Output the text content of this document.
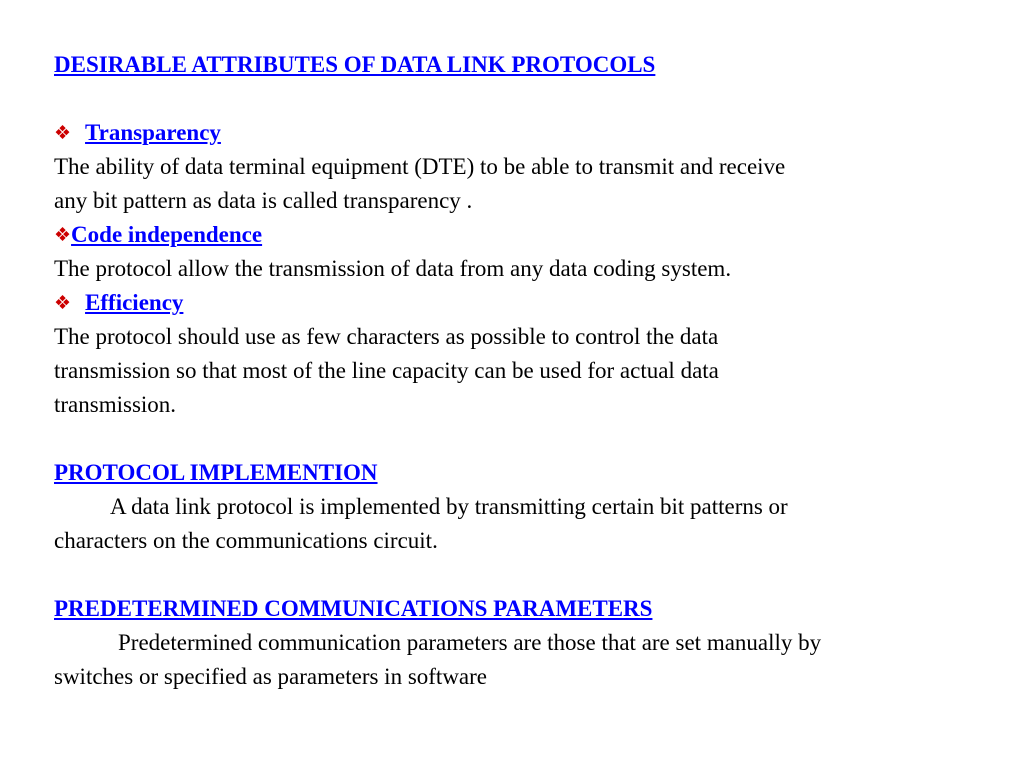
DESIRABLE ATTRIBUTES OF DATA LINK PROTOCOLS
❖ Transparency
The ability of data terminal equipment (DTE) to be able to transmit and receive
any bit pattern as data is called transparency .
❖Code independence
The protocol allow the transmission of data from any data coding system.
❖ Efficiency
The protocol should use as few characters as possible to control the data
transmission so that most of the line capacity can be used for actual data
transmission.
PROTOCOL IMPLEMENTION
A data link protocol is implemented by transmitting certain bit patterns or
characters on the communications circuit.
PREDETERMINED COMMUNICATIONS PARAMETERS
Predetermined communication parameters are those that are set manually by
switches or specified as parameters in software
